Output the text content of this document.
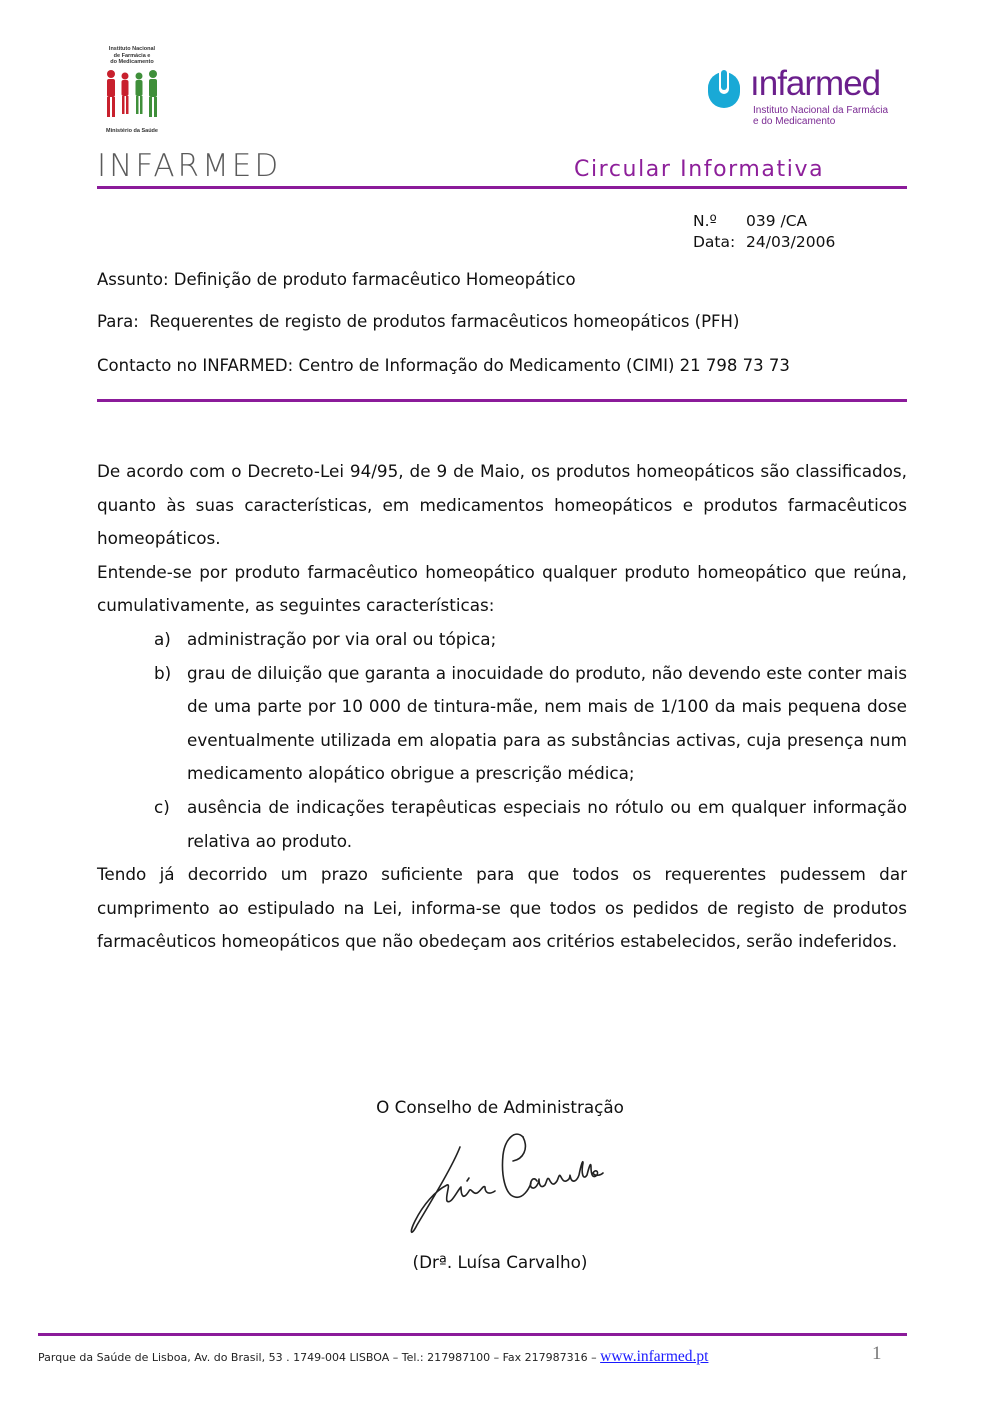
Instituto Nacional
de Farmácia e
do Medicamento
Ministério da Saúde
ınfarmed
Instituto Nacional da Farmácia
e do Medicamento
INFARMED	Circular Informativa
N.º 039 /CA
Data: 24/03/2006
Assunto: Definição de produto farmacêutico Homeopático
Para:  Requerentes de registo de produtos farmacêuticos homeopáticos (PFH)
Contacto no INFARMED: Centro de Informação do Medicamento (CIMI) 21 798 73 73

De acordo com o Decreto-Lei 94/95, de 9 de Maio, os produtos homeopáticos são classificados, quanto às suas características, em medicamentos homeopáticos e produtos farmacêuticos homeopáticos.

Entende-se por produto farmacêutico homeopático qualquer produto homeopático que reúna, cumulativamente, as seguintes características:

a) administração por via oral ou tópica;
b) grau de diluição que garanta a inocuidade do produto, não devendo este conter mais de uma parte por 10 000 de tintura-mãe, nem mais de 1/100 da mais pequena dose eventualmente utilizada em alopatia para as substâncias activas, cuja presença num medicamento alopático obrigue a prescrição médica;
c)	ausência de indicações terapêuticas especiais no rótulo ou em qualquer informação relativa ao produto.

Tendo já decorrido um prazo suficiente para que todos os requerentes pudessem dar cumprimento ao estipulado na Lei, informa-se que todos os pedidos de registo de produtos farmacêuticos homeopáticos que não obedeçam aos critérios estabelecidos, serão indeferidos.

O Conselho de Administração
(Drª. Luísa Carvalho)
Parque da Saúde de Lisboa, Av. do Brasil, 53 . 1749-004 LISBOA – Tel.: 217987100 – Fax 217987316 – www.infarmed.pt	1
